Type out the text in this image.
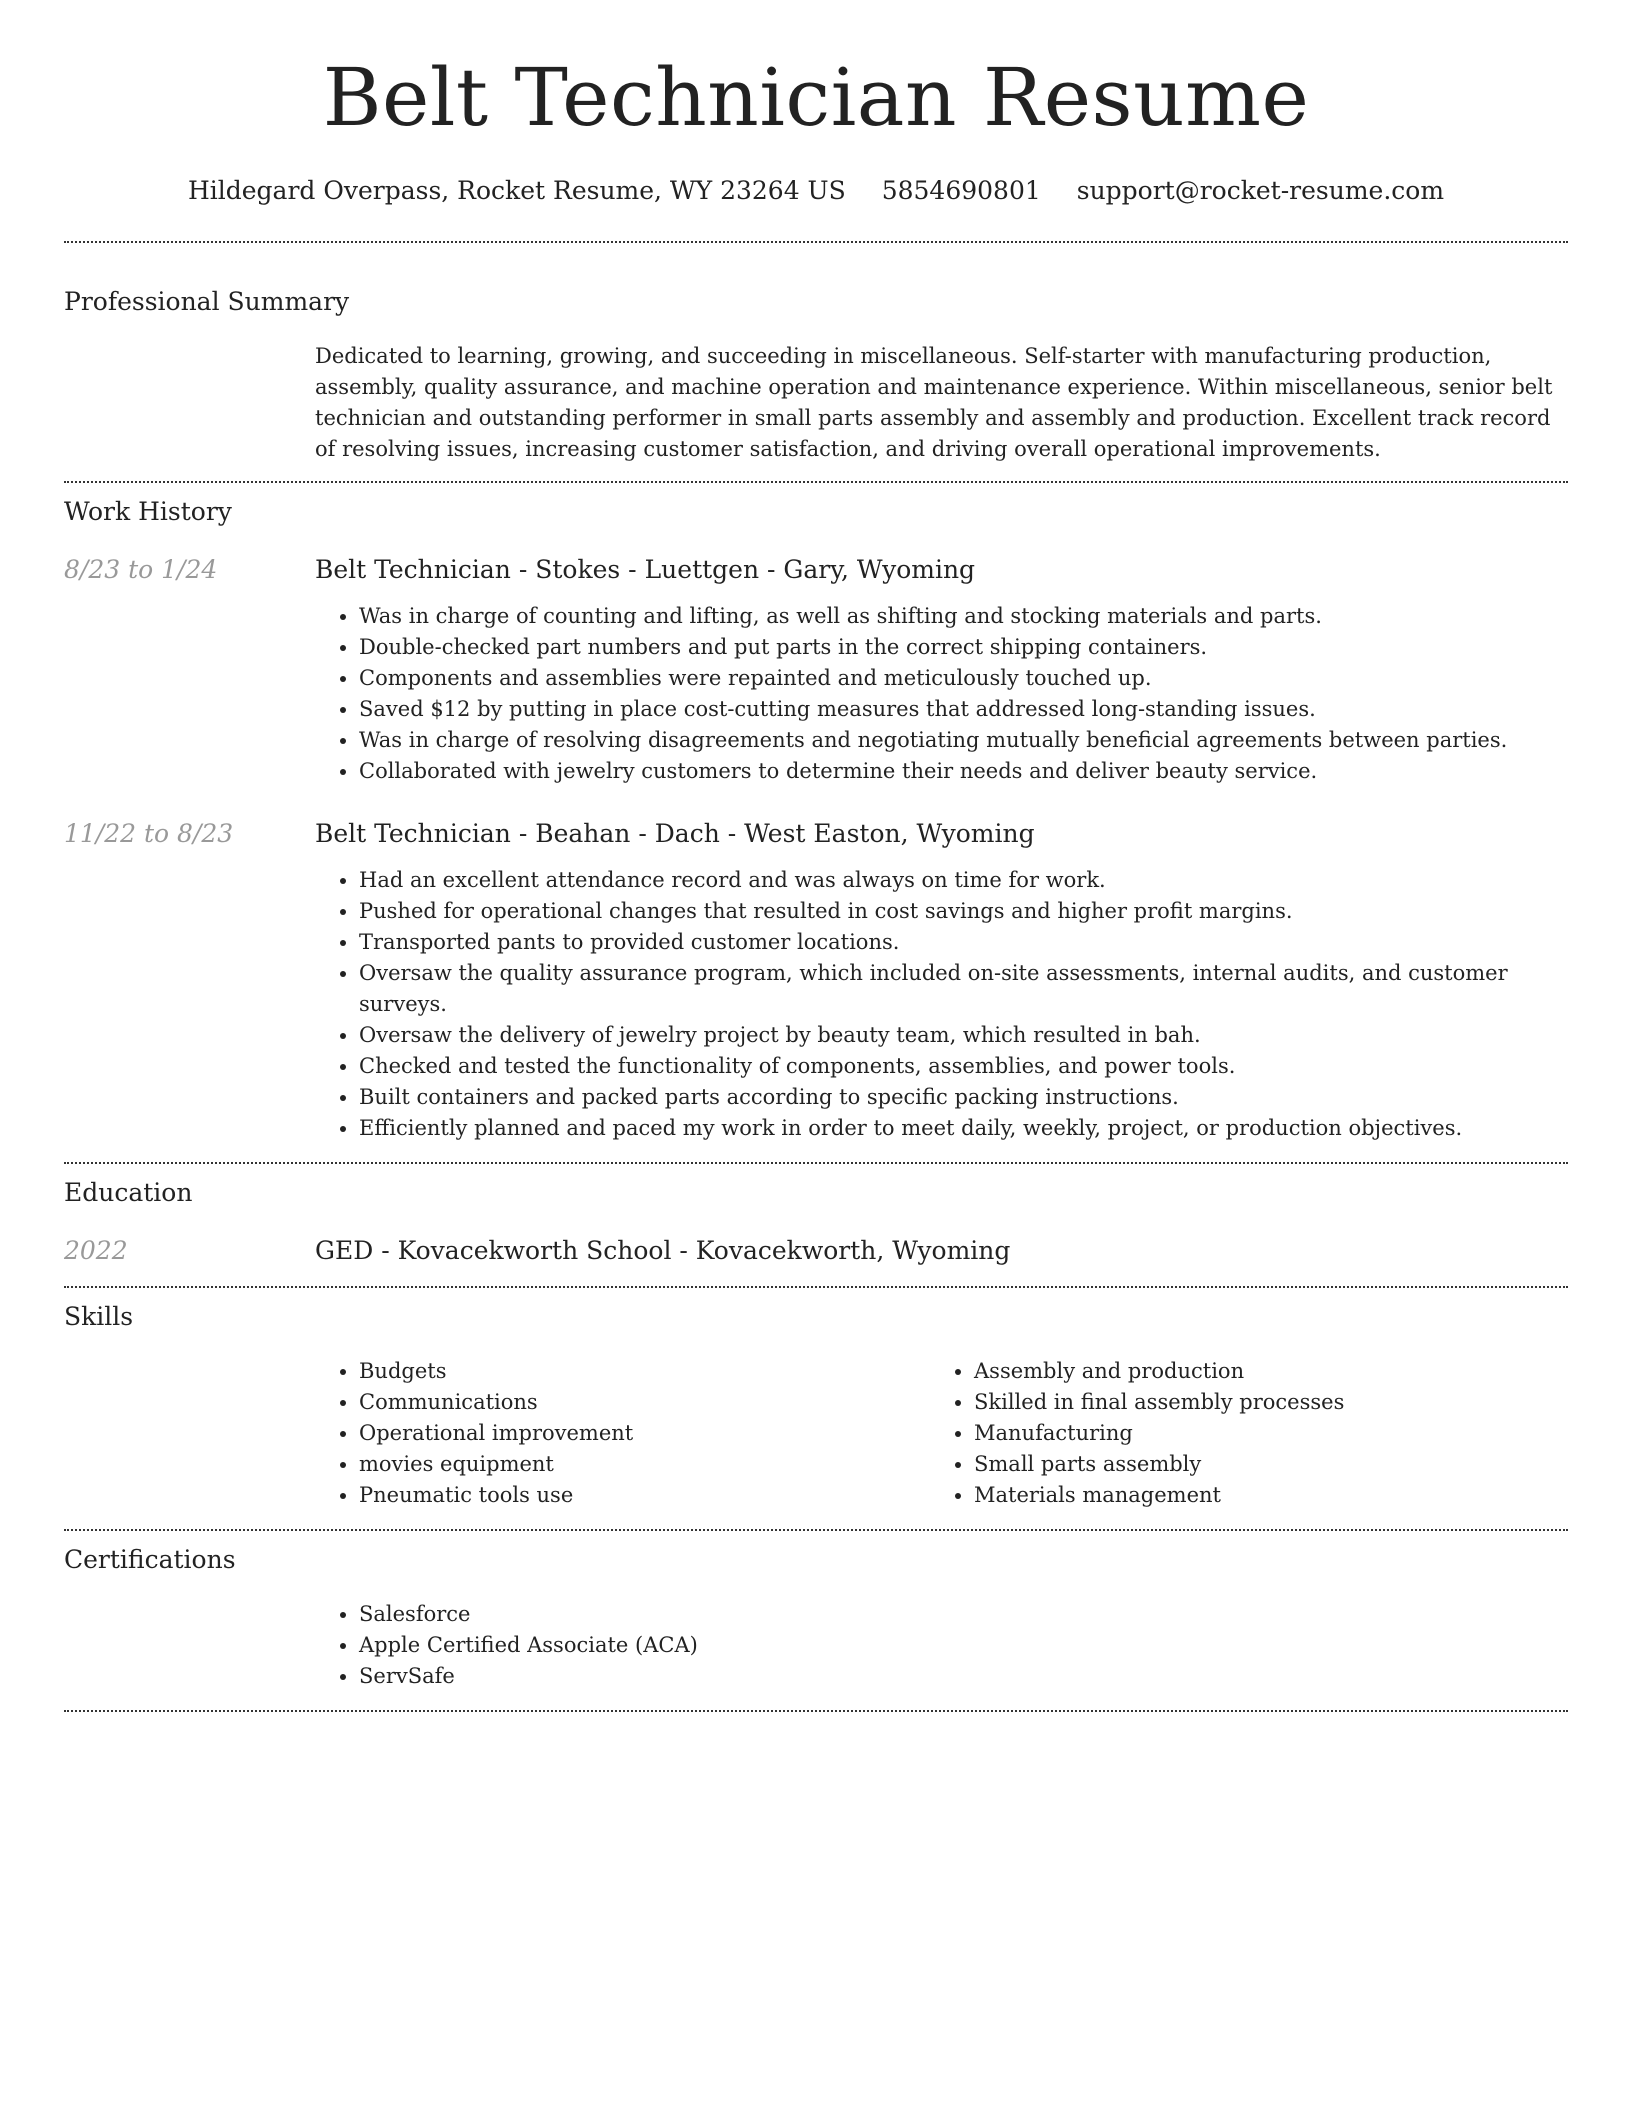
Belt Technician Resume
Hildegard Overpass, Rocket Resume, WY 23264 US 5854690801 support@rocket-resume.com
Professional Summary
Dedicated to learning, growing, and succeeding in miscellaneous. Self-starter with manufacturing production, assembly, quality assurance, and machine operation and maintenance experience. Within miscellaneous, senior belt technician and outstanding performer in small parts assembly and assembly and production. Excellent track record of resolving issues, increasing customer satisfaction, and driving overall operational improvements.
Work History
8/23 to 1/24	Belt Technician - Stokes - Luettgen - Gary, Wyoming
• Was in charge of counting and lifting, as well as shifting and stocking materials and parts.
• Double-checked part numbers and put parts in the correct shipping containers.
• Components and assemblies were repainted and meticulously touched up.
• Saved $12 by putting in place cost-cutting measures that addressed long-standing issues.
• Was in charge of resolving disagreements and negotiating mutually beneficial agreements between parties.
• Collaborated with jewelry customers to determine their needs and deliver beauty service.
11/22 to 8/23	Belt Technician - Beahan - Dach - West Easton, Wyoming
• Had an excellent attendance record and was always on time for work.
• Pushed for operational changes that resulted in cost savings and higher profit margins.
• Transported pants to provided customer locations.
• Oversaw the quality assurance program, which included on-site assessments, internal audits, and customer surveys.
• Oversaw the delivery of jewelry project by beauty team, which resulted in bah.
• Checked and tested the functionality of components, assemblies, and power tools.
• Built containers and packed parts according to specific packing instructions.
• Efficiently planned and paced my work in order to meet daily, weekly, project, or production objectives.
Education
2022	GED - Kovacekworth School - Kovacekworth, Wyoming
Skills
• Budgets
• Communications
• Operational improvement
• movies equipment
• Pneumatic tools use
• Assembly and production
• Skilled in final assembly processes
• Manufacturing
• Small parts assembly
• Materials management
Certifications
• Salesforce
• Apple Certified Associate (ACA)
• ServSafe
